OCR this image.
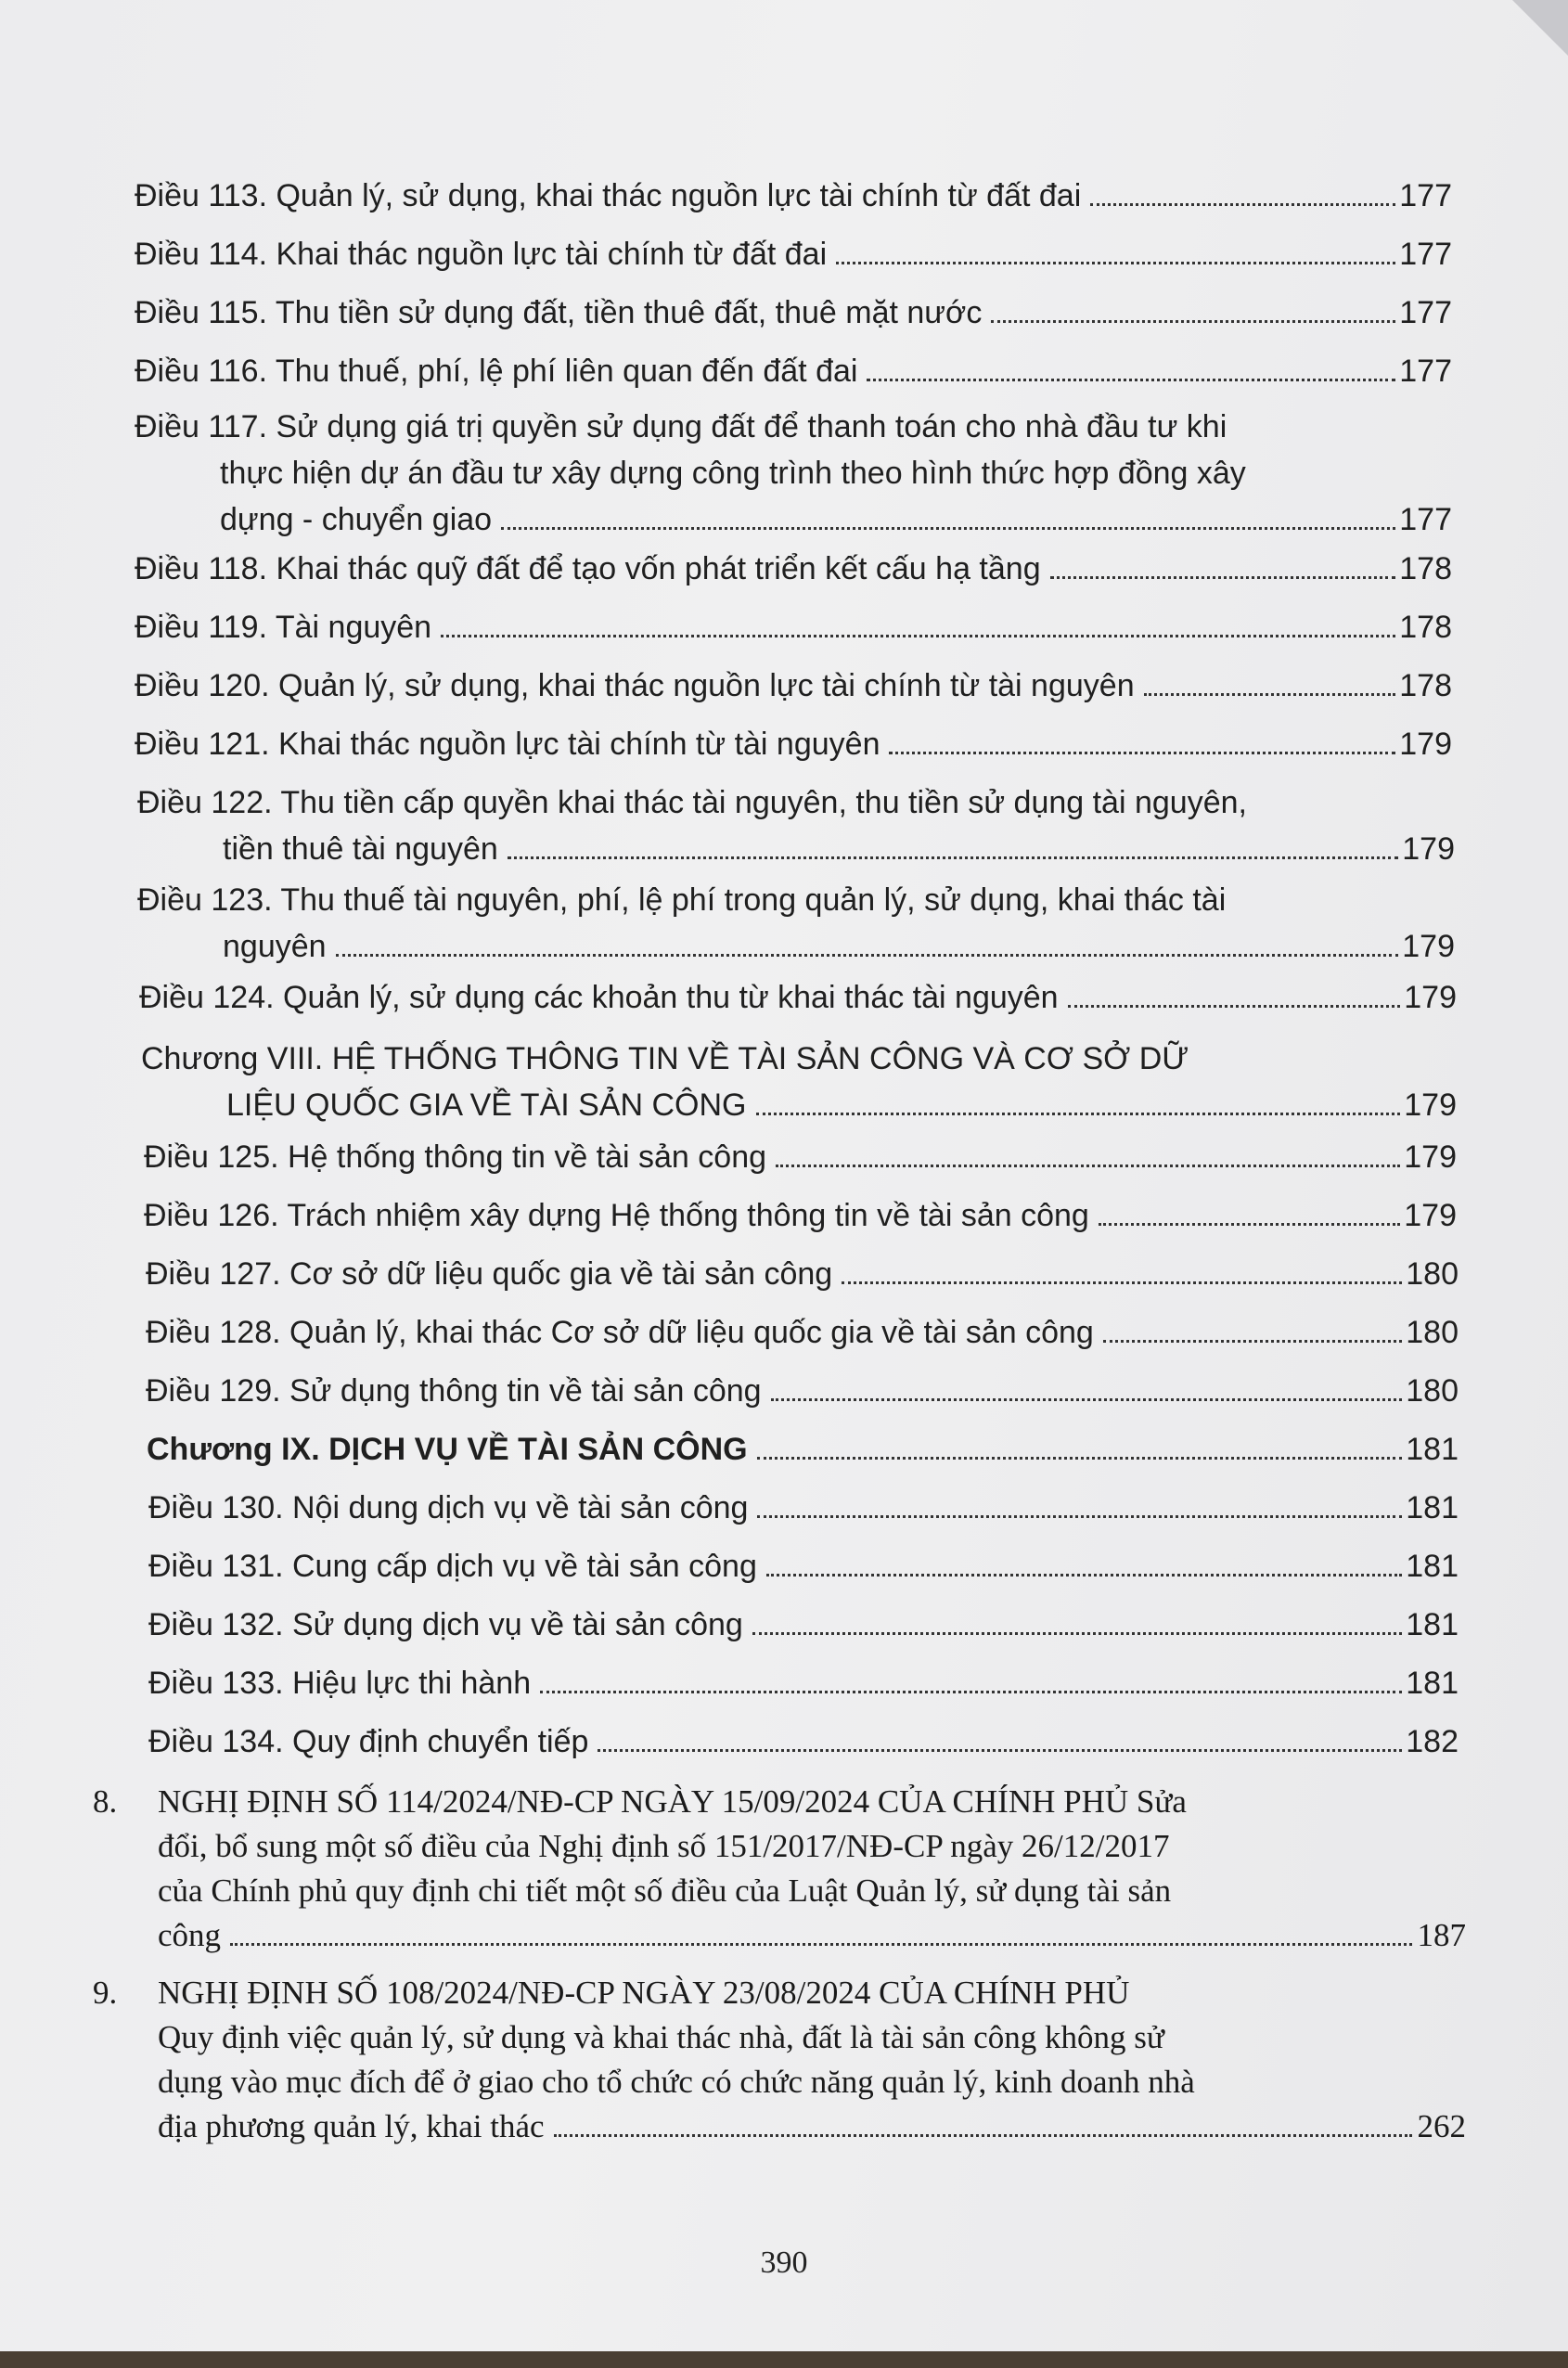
Điều 113. Quản lý, sử dụng, khai thác nguồn lực tài chính từ đất đai	177
Điều 114. Khai thác nguồn lực tài chính từ đất đai	177
Điều 115. Thu tiền sử dụng đất, tiền thuê đất, thuê mặt nước	177
Điều 116. Thu thuế, phí, lệ phí liên quan đến đất đai	177
Điều 117. Sử dụng giá trị quyền sử dụng đất để thanh toán cho nhà đầu tư khi
thực hiện dự án đầu tư xây dựng công trình theo hình thức hợp đồng xây
dựng - chuyển giao	177
Điều 118. Khai thác quỹ đất để tạo vốn phát triển kết cấu hạ tầng	178
Điều 119. Tài nguyên	178
Điều 120. Quản lý, sử dụng, khai thác nguồn lực tài chính từ tài nguyên	178
Điều 121. Khai thác nguồn lực tài chính từ tài nguyên	179
Điều 122. Thu tiền cấp quyền khai thác tài nguyên, thu tiền sử dụng tài nguyên,
tiền thuê tài nguyên	179
Điều 123. Thu thuế tài nguyên, phí, lệ phí trong quản lý, sử dụng, khai thác tài
nguyên	179
Điều 124. Quản lý, sử dụng các khoản thu từ khai thác tài nguyên	179
Chương VIII. HỆ THỐNG THÔNG TIN VỀ TÀI SẢN CÔNG VÀ CƠ SỞ DỮ
LIỆU QUỐC GIA VỀ TÀI SẢN CÔNG	179
Điều 125. Hệ thống thông tin về tài sản công	179
Điều 126. Trách nhiệm xây dựng Hệ thống thông tin về tài sản công	179
Điều 127. Cơ sở dữ liệu quốc gia về tài sản công	180
Điều 128. Quản lý, khai thác Cơ sở dữ liệu quốc gia về tài sản công	180
Điều 129. Sử dụng thông tin về tài sản công	180
Chương IX. DỊCH VỤ VỀ TÀI SẢN CÔNG	181
Điều 130. Nội dung dịch vụ về tài sản công	181
Điều 131. Cung cấp dịch vụ về tài sản công	181
Điều 132. Sử dụng dịch vụ về tài sản công	181
Điều 133. Hiệu lực thi hành	181
Điều 134. Quy định chuyển tiếp	182
8. NGHỊ ĐỊNH SỐ 114/2024/NĐ-CP NGÀY 15/09/2024 CỦA CHÍNH PHỦ Sửa
đổi, bổ sung một số điều của Nghị định số 151/2017/NĐ-CP ngày 26/12/2017
của Chính phủ quy định chi tiết một số điều của Luật Quản lý, sử dụng tài sản
công	187
9. NGHỊ ĐỊNH SỐ 108/2024/NĐ-CP NGÀY 23/08/2024 CỦA CHÍNH PHỦ
Quy định việc quản lý, sử dụng và khai thác nhà, đất là tài sản công không sử
dụng vào mục đích để ở giao cho tổ chức có chức năng quản lý, kinh doanh nhà
địa phương quản lý, khai thác	262
390
